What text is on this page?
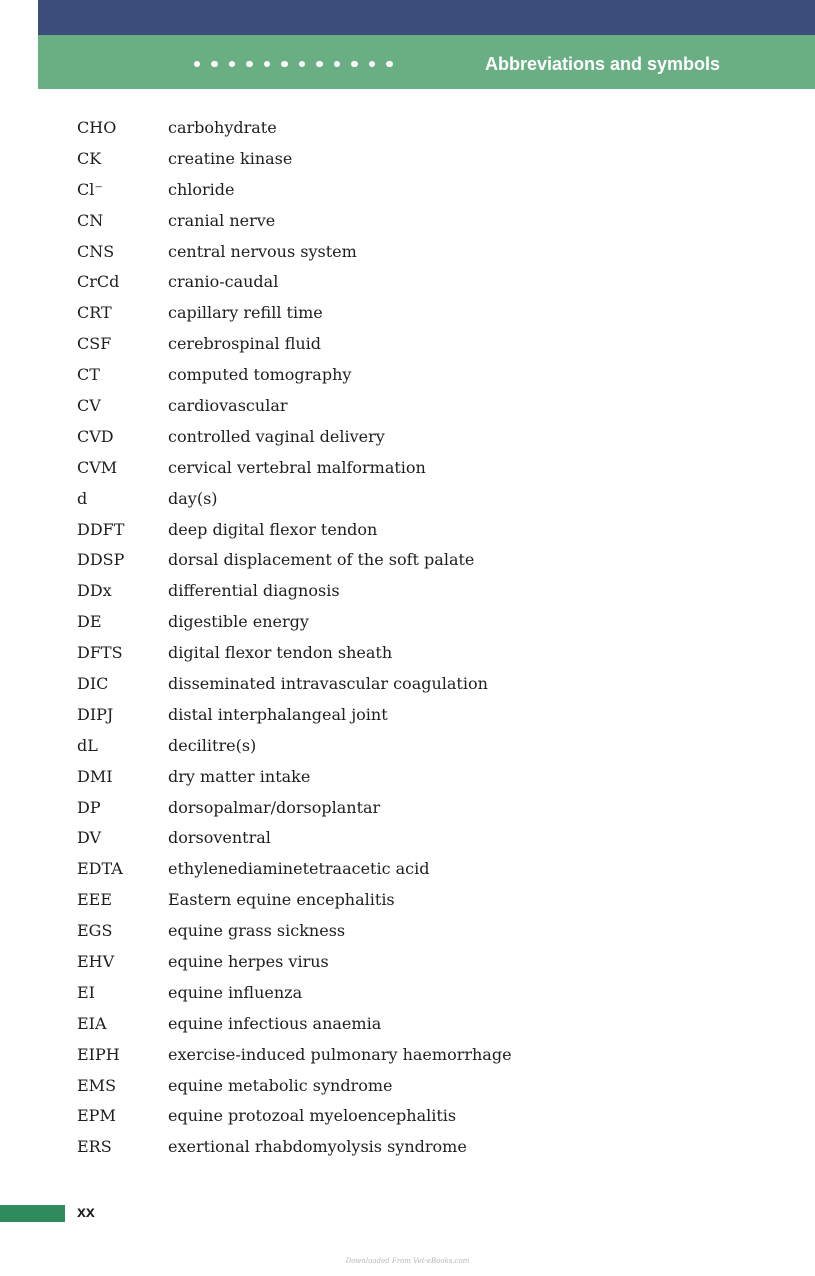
Abbreviations and symbols
CHO	carbohydrate
CK	creatine kinase
Cl⁻	chloride
CN	cranial nerve
CNS	central nervous system
CrCd	cranio-caudal
CRT	capillary refill time
CSF	cerebrospinal fluid
CT	computed tomography
CV	cardiovascular
CVD	controlled vaginal delivery
CVM	cervical vertebral malformation
d	day(s)
DDFT	deep digital flexor tendon
DDSP	dorsal displacement of the soft palate
DDx	differential diagnosis
DE	digestible energy
DFTS	digital flexor tendon sheath
DIC	disseminated intravascular coagulation
DIPJ	distal interphalangeal joint
dL	decilitre(s)
DMI	dry matter intake
DP	dorsopalmar/dorsoplantar
DV	dorsoventral
EDTA	ethylenediaminetetraacetic acid
EEE	Eastern equine encephalitis
EGS	equine grass sickness
EHV	equine herpes virus
EI	equine influenza
EIA	equine infectious anaemia
EIPH	exercise-induced pulmonary haemorrhage
EMS	equine metabolic syndrome
EPM	equine protozoal myeloencephalitis
ERS	exertional rhabdomyolysis syndrome
xx
Downloaded From Vet-eBooks.com
